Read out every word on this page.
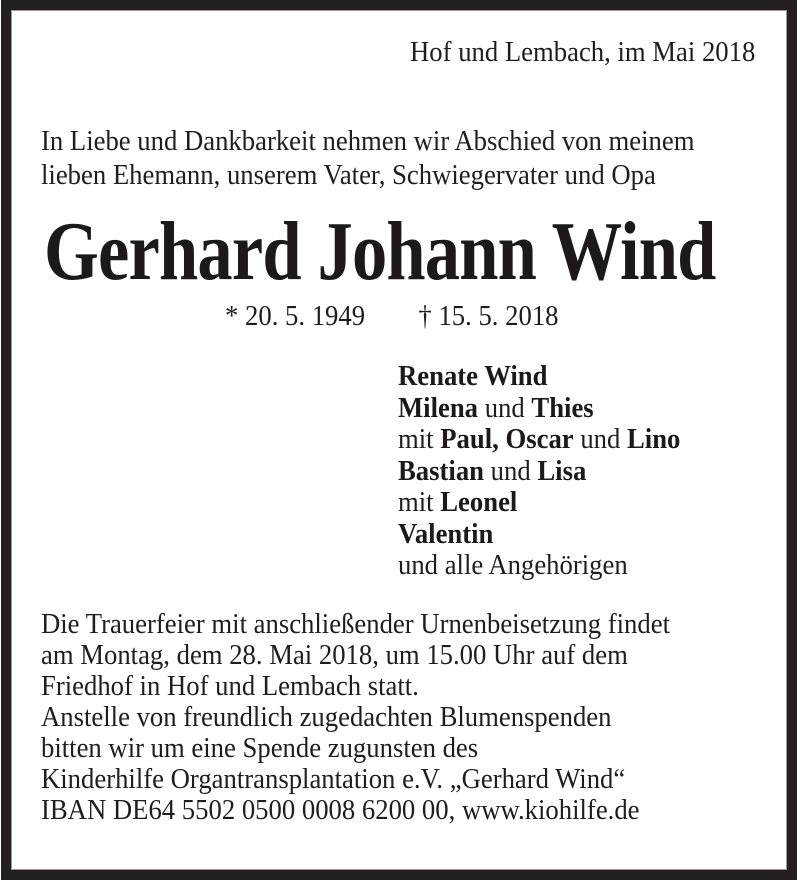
Hof und Lembach, im Mai 2018
In Liebe und Dankbarkeit nehmen wir Abschied von meinem
lieben Ehemann, unserem Vater, Schwiegervater und Opa
Gerhard Johann Wind
* 20. 5. 1949 † 15. 5. 2018
Renate Wind
Milena und Thies
mit Paul, Oscar und Lino
Bastian und Lisa
mit Leonel
Valentin
und alle Angehörigen
Die Trauerfeier mit anschließender Urnenbeisetzung findet
am Montag, dem 28. Mai 2018, um 15.00 Uhr auf dem
Friedhof in Hof und Lembach statt.
Anstelle von freundlich zugedachten Blumenspenden
bitten wir um eine Spende zugunsten des
Kinderhilfe Organtransplantation e.V. „Gerhard Wind“
IBAN DE64 5502 0500 0008 6200 00, www.kiohilfe.de
